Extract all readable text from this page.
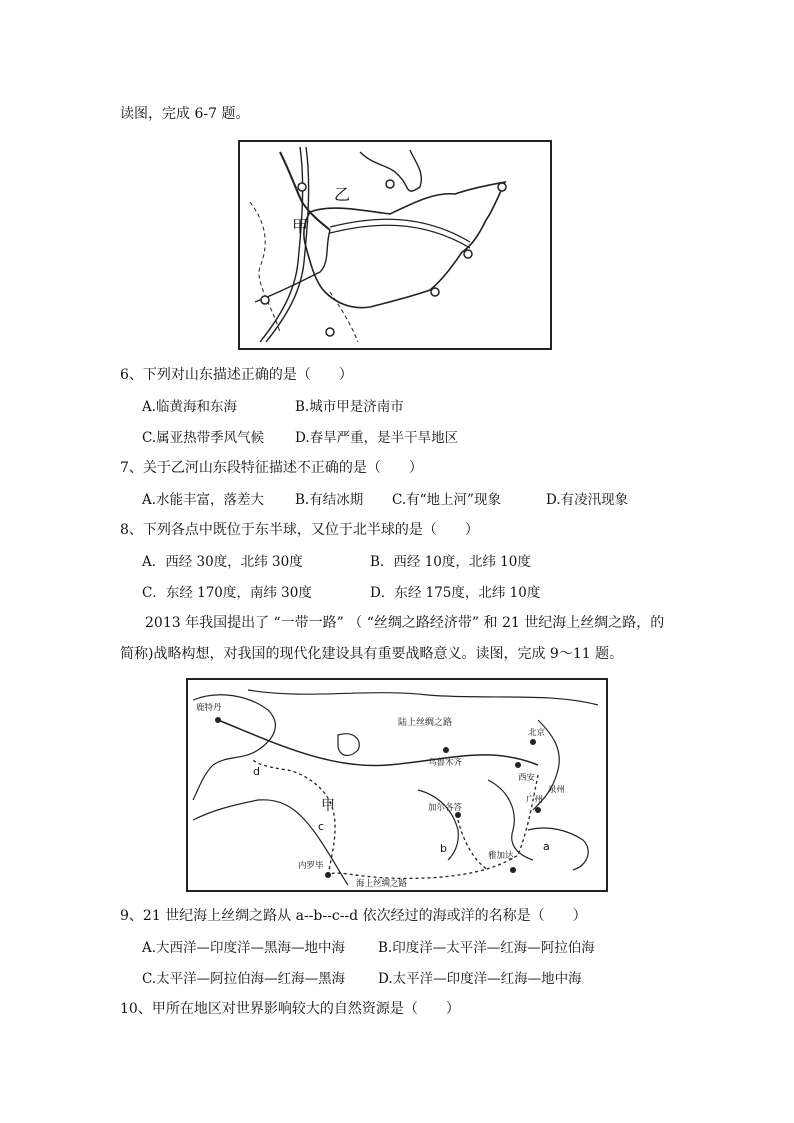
读图，完成 6-7 题。
乙
甲
6、下列对山东描述正确的是（　　）
A.临黄海和东海	B.城市甲是济南市
C.属亚热带季风气候 D.春旱严重，是半干旱地区
7、关于乙河山东段特征描述不正确的是（　　）
A.水能丰富，落差大 B.有结冰期 C.有“地上河”现象	D.有凌汛现象
8、下列各点中既位于东半球，又位于北半球的是（　　）
A．西经 30度，北纬 30度	B．西经 10度，北纬 10度
C．东经 170度，南纬 30度	D．东经 175度，北纬 10度
2013 年我国提出了 “一带一路” （ “丝绸之路经济带” 和 21 世纪海上丝绸之路，的
简称)战略构想，对我国的现代化建设具有重要战略意义。读图，完成 9～11 题。
鹿特丹
陆上丝绸之路
乌鲁木齐
北京
西安
广州
泉州
甲	加尔各答
内罗毕
雅加达
海上丝绸之路
a
b
c
d
9、21 世纪海上丝绸之路从 a--b--c--d 依次经过的海或洋的名称是（　　）
A.大西洋—印度洋—黑海—地中海 B.印度洋—太平洋—红海—阿拉伯海
C.太平洋—阿拉伯海—红海—黑海 D.太平洋—印度洋—红海—地中海
10、甲所在地区对世界影响较大的自然资源是（　　）
